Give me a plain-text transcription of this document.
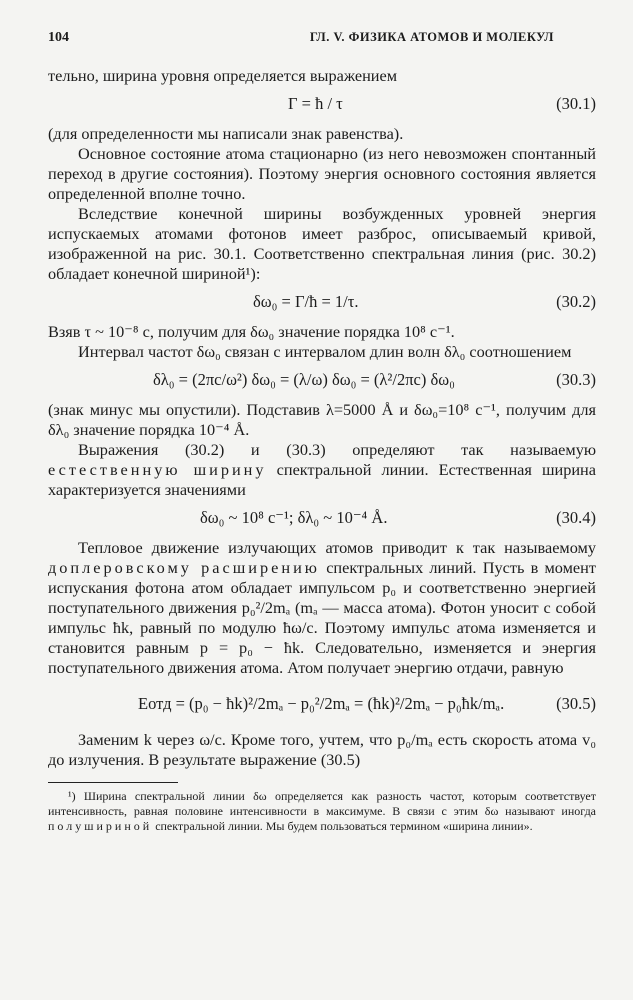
104	ГЛ. V. ФИЗИКА АТОМОВ И МОЛЕКУЛ

тельно, ширина уровня определяется выражением

Γ = ħ / τ	(30.1)

(для определенности мы написали знак равенства).

Основное состояние атома стационарно (из него невозможен спонтанный переход в другие состояния). Поэтому энергия основного состояния является определенной вполне точно.

Вследствие конечной ширины возбужденных уровней энергия испускаемых атомами фотонов имеет разброс, описываемый кривой, изображенной на рис. 30.1. Соответственно спектральная линия (рис. 30.2) обладает конечной шириной¹):

δω₀ = Γ/ħ = 1/τ.	(30.2)

Взяв τ ~ 10⁻⁸ с, получим для δω₀ значение порядка 10⁸ с⁻¹.

Интервал частот δω₀ связан с интервалом длин волн δλ₀ соотношением

δλ₀ = (2πc/ω²) δω₀ = (λ/ω) δω₀ = (λ²/2πc) δω₀	(30.3)

(знак минус мы опустили). Подставив λ=5000 Å и δω₀=10⁸ с⁻¹, получим для δλ₀ значение порядка 10⁻⁴ Å.

Выражения (30.2) и (30.3) определяют так называемую естественную ширину спектральной линии. Естественная ширина характеризуется значениями

δω₀ ~ 10⁸ с⁻¹; δλ₀ ~ 10⁻⁴ Å.	(30.4)

Тепловое движение излучающих атомов приводит к так называемому доплеровскому расширению спектральных линий. Пусть в момент испускания фотона атом обладает импульсом p₀ и соответственно энергией поступательного движения p₀²/2mₐ (mₐ — масса атома). Фотон уносит с собой импульс ħk, равный по модулю ħω/c. Поэтому импульс атома изменяется и становится равным p = p₀ − ħk. Следовательно, изменяется и энергия поступательного движения атома. Атом получает энергию отдачи, равную

Eотд = (p₀ − ħk)²/2mₐ − p₀²/2mₐ = (ħk)²/2mₐ − p₀ħk/mₐ.	(30.5)

Заменим k через ω/c. Кроме того, учтем, что p₀/mₐ есть скорость атома v₀ до излучения. В результате выражение (30.5)

¹) Ширина спектральной линии δω определяется как разность частот, которым соответствует интенсивность, равная половине интенсивности в максимуме. В связи с этим δω называют иногда полушириной спектральной линии. Мы будем пользоваться термином «ширина линии».
